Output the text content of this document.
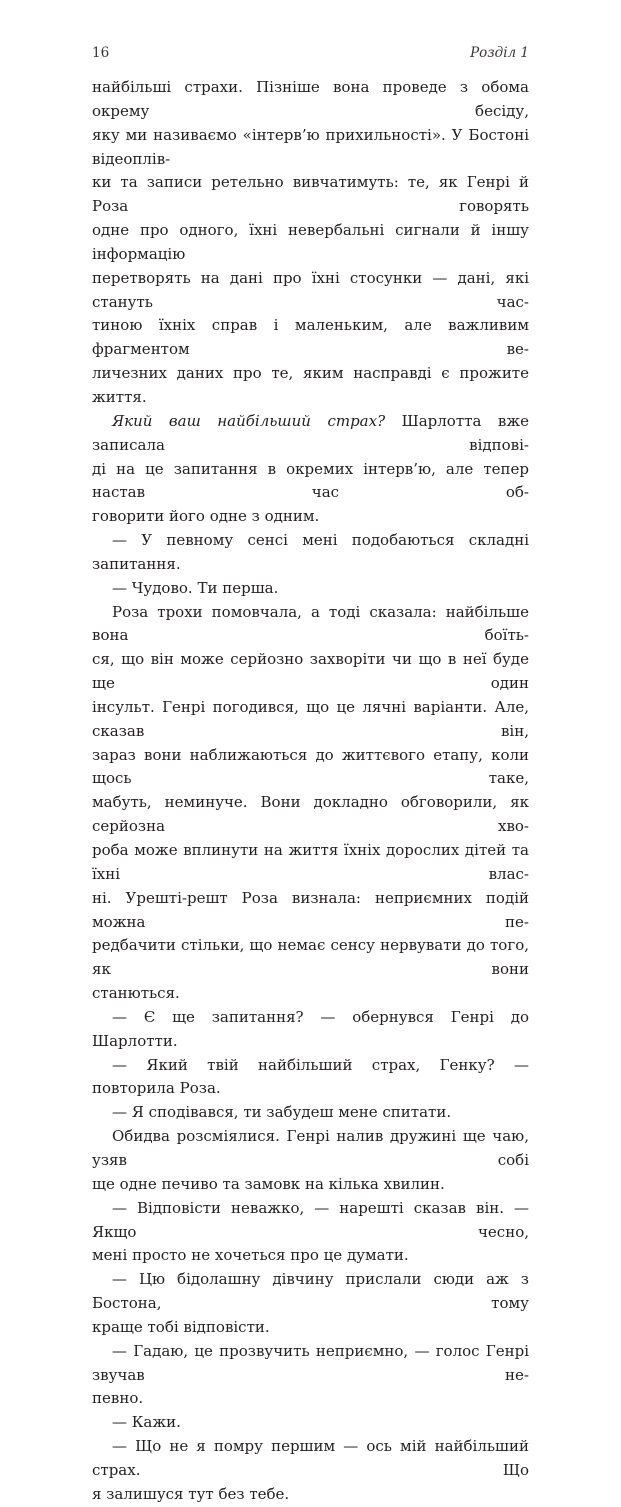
16	Розділ 1

найбільші страхи. Пізніше вона проведе з обома окрему бесіду,

яку ми називаємо «інтерв’ю прихильності». У Бостоні відеоплів-

ки та записи ретельно вивчатимуть: те, як Генрі й Роза говорять

одне про одного, їхні невербальні сигнали й іншу інформацію

перетворять на дані про їхні стосунки — дані, які стануть час-

тиною їхніх справ і маленьким, але важливим фрагментом ве-

личезних даних про те, яким насправді є прожите життя.

Який ваш найбільший страх? Шарлотта вже записала відпові-

ді на це запитання в окремих інтерв’ю, але тепер настав час об-

говорити його одне з одним.

— У певному сенсі мені подобаються складні запитання.

— Чудово. Ти перша.

Роза трохи помовчала, а тоді сказала: найбільше вона боїть-

ся, що він може серйозно захворіти чи що в неї буде ще один

інсульт. Генрі погодився, що це лячні варіанти. Але, сказав він,

зараз вони наближаються до життєвого етапу, коли щось таке,

мабуть, неминуче. Вони докладно обговорили, як серйозна хво-

роба може вплинути на життя їхніх дорослих дітей та їхні влас-

ні. Урешті-решт Роза визнала: неприємних подій можна пе-

редбачити стільки, що немає сенсу нервувати до того, як вони

станються.

— Є ще запитання? — обернувся Генрі до Шарлотти.

— Який твій найбільший страх, Генку? — повторила Роза.

— Я сподівався, ти забудеш мене спитати.

Обидва розсміялися. Генрі налив дружині ще чаю, узяв собі

ще одне печиво та замовк на кілька хвилин.

— Відповісти неважко, — нарешті сказав він. — Якщо чесно,

мені просто не хочеться про це думати.

— Цю бідолашну дівчину прислали сюди аж з Бостона, тому

краще тобі відповісти.

— Гадаю, це прозвучить неприємно, — голос Генрі звучав не-

певно.

— Кажи.

— Що не я помру першим — ось мій найбільший страх. Що

я залишуся тут без тебе.
